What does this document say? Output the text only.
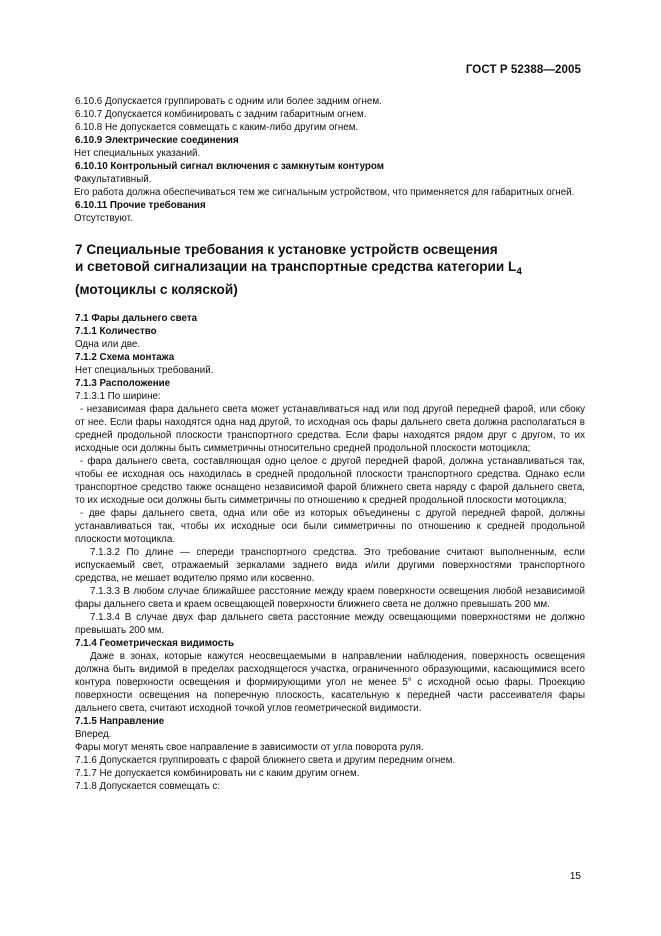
ГОСТ Р 52388—2005

6.10.6 Допускается группировать с одним или более задним огнем.

6.10.7 Допускается комбинировать с задним габаритным огнем.

6.10.8 Не допускается совмещать с каким-либо другим огнем.

6.10.9 Электрические соединения

Нет специальных указаний.

6.10.10 Контрольный сигнал включения с замкнутым контуром

Факультативный.

Его работа должна обеспечиваться тем же сигнальным устройством, что применяется для габаритных огней.

6.10.11 Прочие требования

Отсутствуют.

7 Специальные требования к установке устройств освещения
и световой сигнализации на транспортные средства категории $L_4$
(мотоциклы с коляской)

7.1 Фары дальнего света

7.1.1 Количество

Одна или две.

7.1.2 Схема монтажа

Нет специальных требований.

7.1.3 Расположение

7.1.3.1 По ширине:

- независимая фара дальнего света может устанавливаться над или под другой передней фарой, или сбоку от нее. Если фары находятся одна над другой, то исходная ось фары дальнего света должна располагаться в средней продольной плоскости транспортного средства. Если фары находятся рядом друг с другом, то их исходные оси должны быть симметричны относительно средней продольной плоскости мотоцикла;

- фара дальнего света, составляющая одно целое с другой передней фарой, должна устанавливаться так, чтобы ее исходная ось находилась в средней продольной плоскости транспортного средства. Однако если транспортное средство также оснащено независимой фарой ближнего света наряду с фарой дальнего света, то их исходные оси должны быть симметричны по отношению к средней продольной плоскости мотоцикла;

- две фары дальнего света, одна или обе из которых объединены с другой передней фарой, должны устанавливаться так, чтобы их исходные оси были симметричны по отношению к средней продольной плоскости мотоцикла.

7.1.3.2 По длине — спереди транспортного средства. Это требование считают выполненным, если испускаемый свет, отражаемый зеркалами заднего вида и/или другими поверхностями транспортного средства, не мешает водителю прямо или косвенно.

7.1.3.3 В любом случае ближайшее расстояние между краем поверхности освещения любой независимой фары дальнего света и краем освещающей поверхности ближнего света не должно превышать 200 мм.

7.1.3.4 В случае двух фар дальнего света расстояние между освещающими поверхностями не должно превышать 200 мм.

7.1.4 Геометрическая видимость

Даже в зонах, которые кажутся неосвещаемыми в направлении наблюдения, поверхность освещения должна быть видимой в пределах расходящегося участка, ограниченного образующими, касающимися всего контура поверхности освещения и формирующими угол не менее 5° с исходной осью фары. Проекцию поверхности освещения на поперечную плоскость, касательную к передней части рассеивателя фары дальнего света, считают исходной точкой углов геометрической видимости.

7.1.5 Направление

Вперед.

Фары могут менять свое направление в зависимости от угла поворота руля.

7.1.6 Допускается группировать с фарой ближнего света и другим передним огнем.

7.1.7 Не допускается комбинировать ни с каким другим огнем.

7.1.8 Допускается совмещать с:

15
